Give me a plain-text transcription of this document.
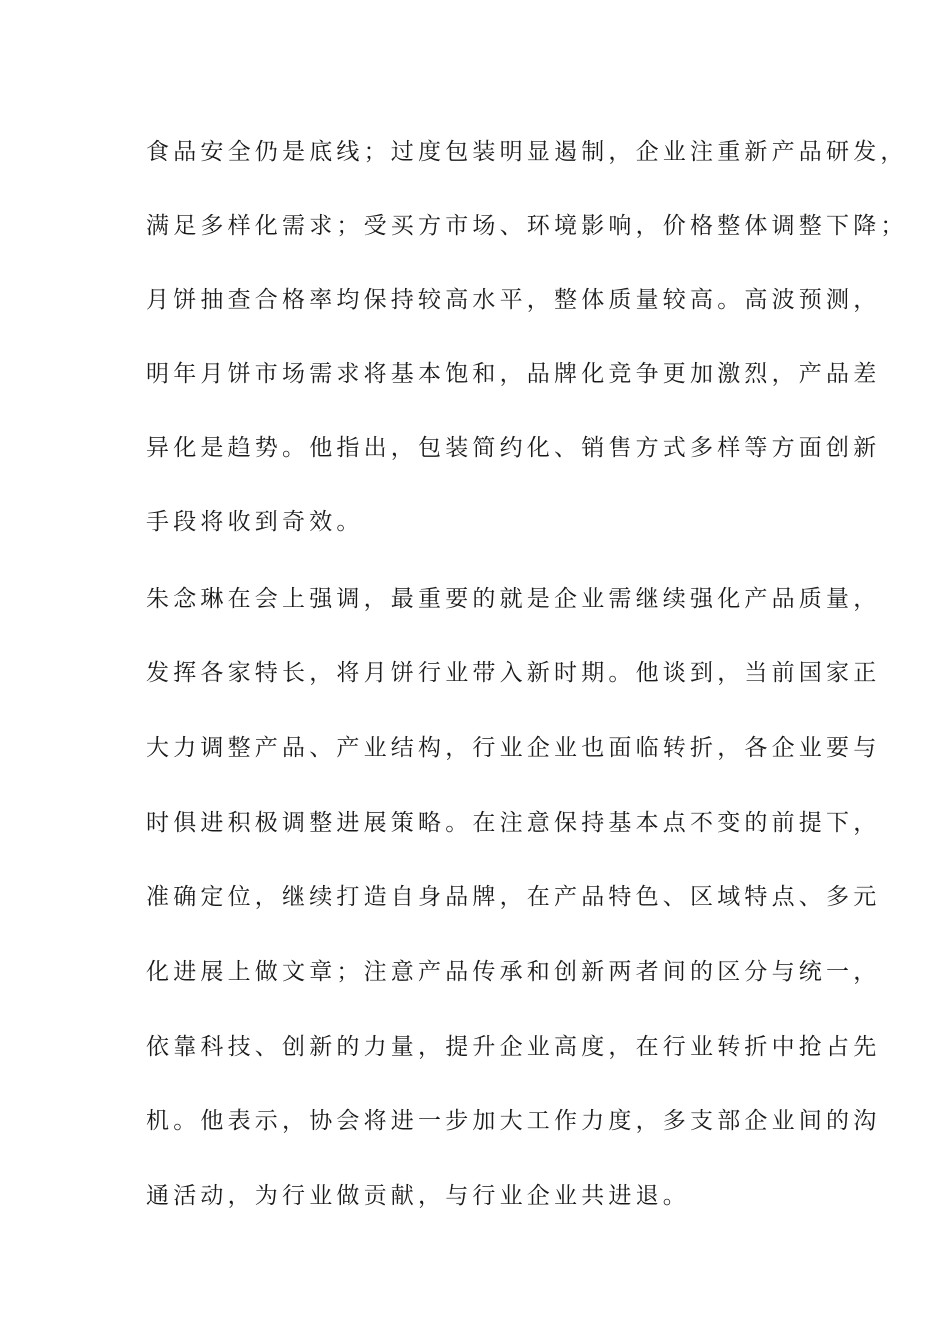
食品安全仍是底线；过度包装明显遏制，企业注重新产品研发，
满足多样化需求；受买方市场、环境影响，价格整体调整下降；
月饼抽查合格率均保持较高水平，整体质量较高。高波预测，
明年月饼市场需求将基本饱和，品牌化竞争更加激烈，产品差
异化是趋势。他指出，包装简约化、销售方式多样等方面创新
手段将收到奇效。
朱念琳在会上强调，最重要的就是企业需继续强化产品质量，
发挥各家特长，将月饼行业带入新时期。他谈到，当前国家正
大力调整产品、产业结构，行业企业也面临转折，各企业要与
时俱进积极调整进展策略。在注意保持基本点不变的前提下，
准确定位，继续打造自身品牌，在产品特色、区域特点、多元
化进展上做文章；注意产品传承和创新两者间的区分与统一，
依靠科技、创新的力量，提升企业高度，在行业转折中抢占先
机。他表示，协会将进一步加大工作力度，多支部企业间的沟
通活动，为行业做贡献，与行业企业共进退。
